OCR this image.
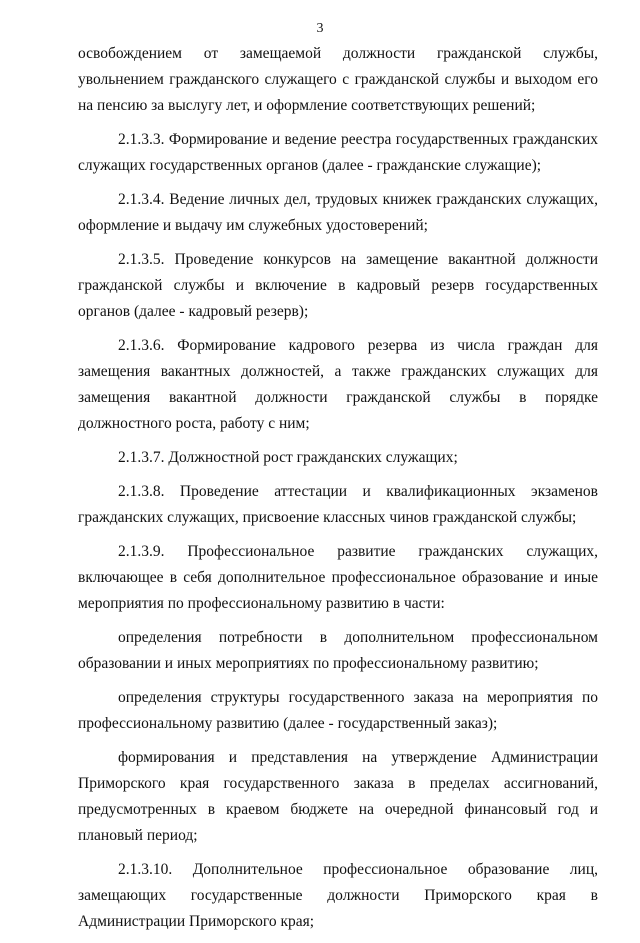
3

освобождением от замещаемой должности гражданской службы, увольнением гражданского служащего с гражданской службы и выходом его на пенсию за выслугу лет, и оформление соответствующих решений;

2.1.3.3. Формирование и ведение реестра государственных гражданских служащих государственных органов (далее - гражданские служащие);

2.1.3.4. Ведение личных дел, трудовых книжек гражданских служащих, оформление и выдачу им служебных удостоверений;

2.1.3.5. Проведение конкурсов на замещение вакантной должности гражданской службы и включение в кадровый резерв государственных органов (далее - кадровый резерв);

2.1.3.6. Формирование кадрового резерва из числа граждан для замещения вакантных должностей, а также гражданских служащих для замещения вакантной должности гражданской службы в порядке должностного роста, работу с ним;

2.1.3.7. Должностной рост гражданских служащих;

2.1.3.8. Проведение аттестации и квалификационных экзаменов гражданских служащих, присвоение классных чинов гражданской службы;

2.1.3.9. Профессиональное развитие гражданских служащих, включающее в себя дополнительное профессиональное образование и иные мероприятия по профессиональному развитию в части:

определения потребности в дополнительном профессиональном образовании и иных мероприятиях по профессиональному развитию;

определения структуры государственного заказа на мероприятия по профессиональному развитию (далее - государственный заказ);

формирования и представления на утверждение Администрации Приморского края государственного заказа в пределах ассигнований, предусмотренных в краевом бюджете на очередной финансовый год и плановый период;

2.1.3.10. Дополнительное профессиональное образование лиц, замещающих государственные должности Приморского края в Администрации Приморского края;
